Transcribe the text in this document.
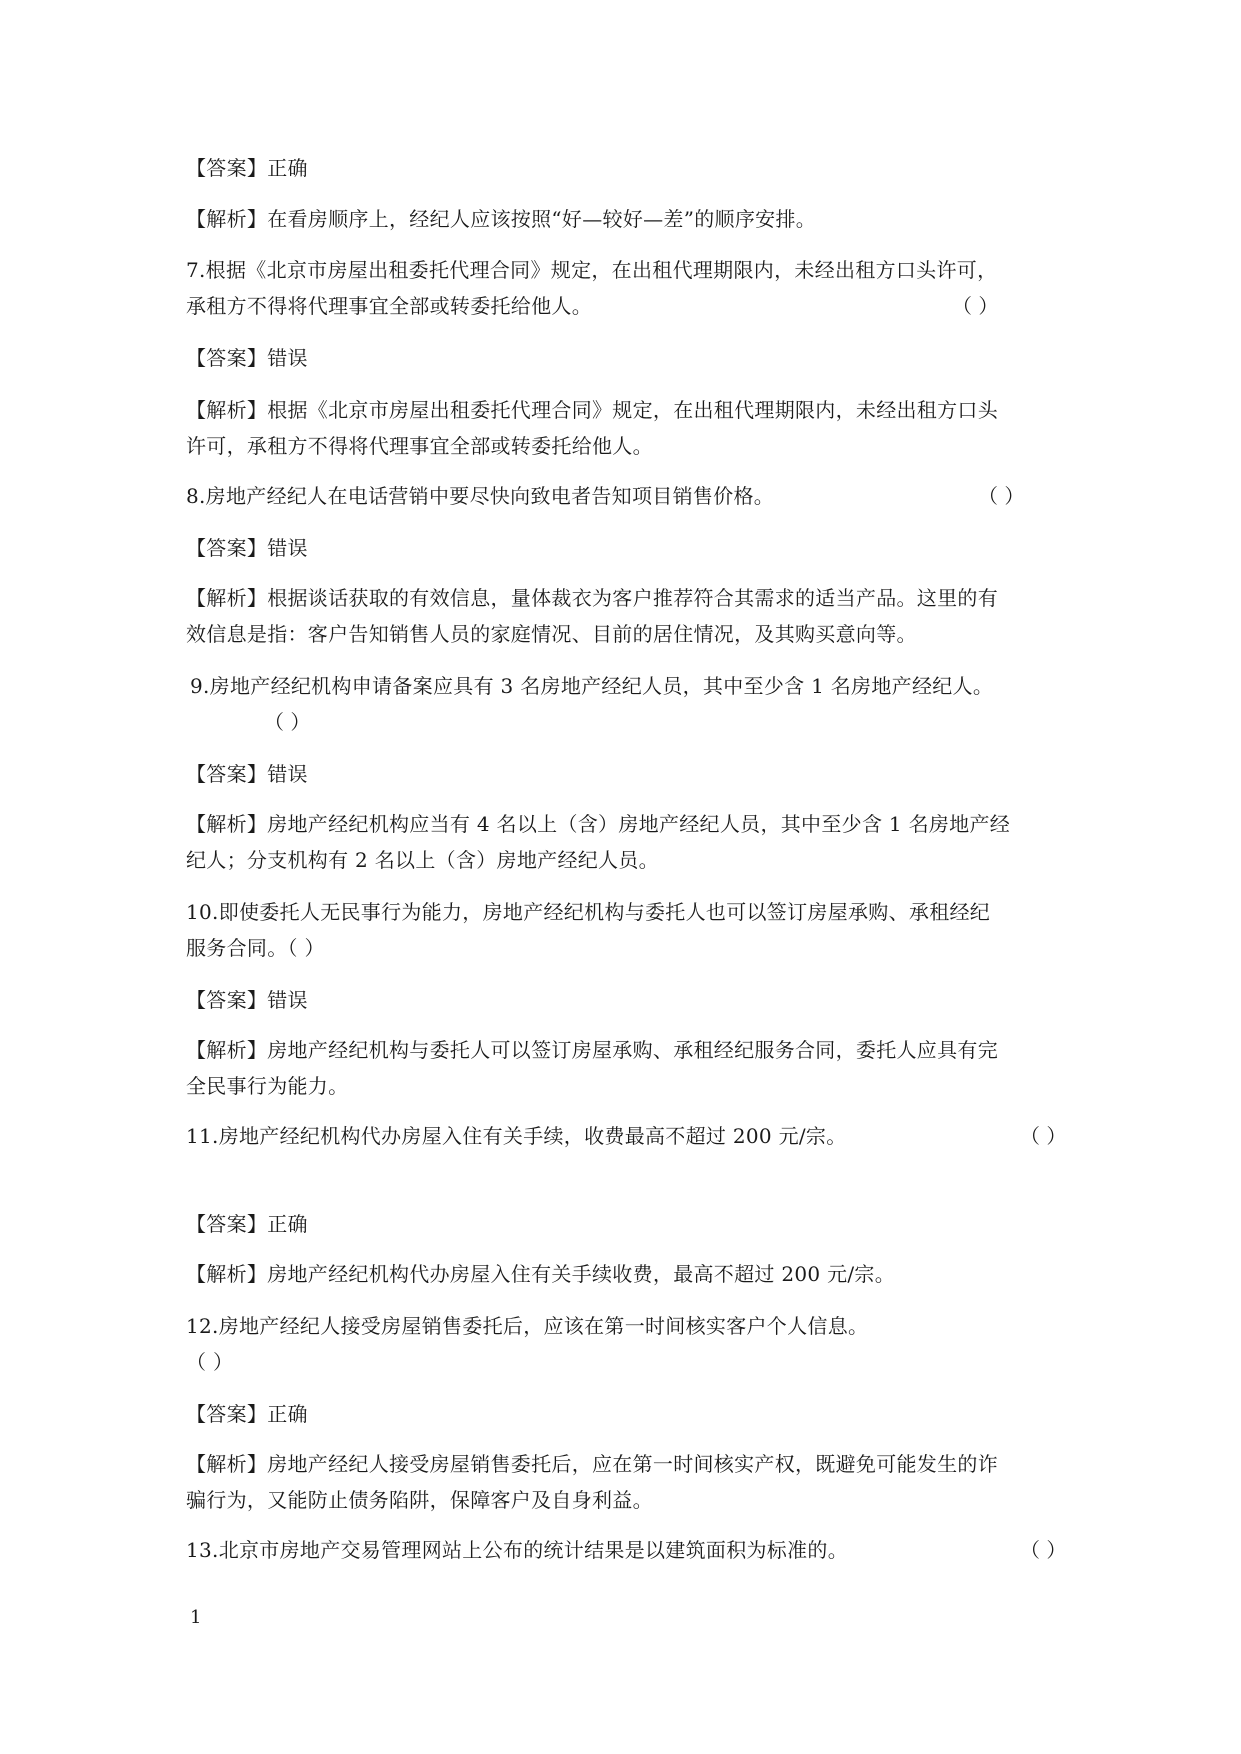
【答案】正确
【解析】在看房顺序上，经纪人应该按照“好—较好—差”的顺序安排。
7.根据《北京市房屋出租委托代理合同》规定，在出租代理期限内，未经出租方口头许可，
承租方不得将代理事宜全部或转委托给他人。	（ ）
【答案】错误
【解析】根据《北京市房屋出租委托代理合同》规定，在出租代理期限内，未经出租方口头
许可，承租方不得将代理事宜全部或转委托给他人。
8.房地产经纪人在电话营销中要尽快向致电者告知项目销售价格。	（ ）
【答案】错误
【解析】根据谈话获取的有效信息，量体裁衣为客户推荐符合其需求的适当产品。这里的有
效信息是指：客户告知销售人员的家庭情况、目前的居住情况，及其购买意向等。
9.房地产经纪机构申请备案应具有 3 名房地产经纪人员，其中至少含 1 名房地产经纪人。
（ ）
【答案】错误
【解析】房地产经纪机构应当有 4 名以上（含）房地产经纪人员，其中至少含 1 名房地产经
纪人；分支机构有 2 名以上（含）房地产经纪人员。
10.即使委托人无民事行为能力，房地产经纪机构与委托人也可以签订房屋承购、承租经纪
服务合同。（ ）
【答案】错误
【解析】房地产经纪机构与委托人可以签订房屋承购、承租经纪服务合同，委托人应具有完
全民事行为能力。
11.房地产经纪机构代办房屋入住有关手续，收费最高不超过 200 元/宗。	（ ）
【答案】正确
【解析】房地产经纪机构代办房屋入住有关手续收费，最高不超过 200 元/宗。
12.房地产经纪人接受房屋销售委托后，应该在第一时间核实客户个人信息。
（ ）
【答案】正确
【解析】房地产经纪人接受房屋销售委托后，应在第一时间核实产权，既避免可能发生的诈
骗行为，又能防止债务陷阱，保障客户及自身利益。
13.北京市房地产交易管理网站上公布的统计结果是以建筑面积为标准的。	（ ）
1
